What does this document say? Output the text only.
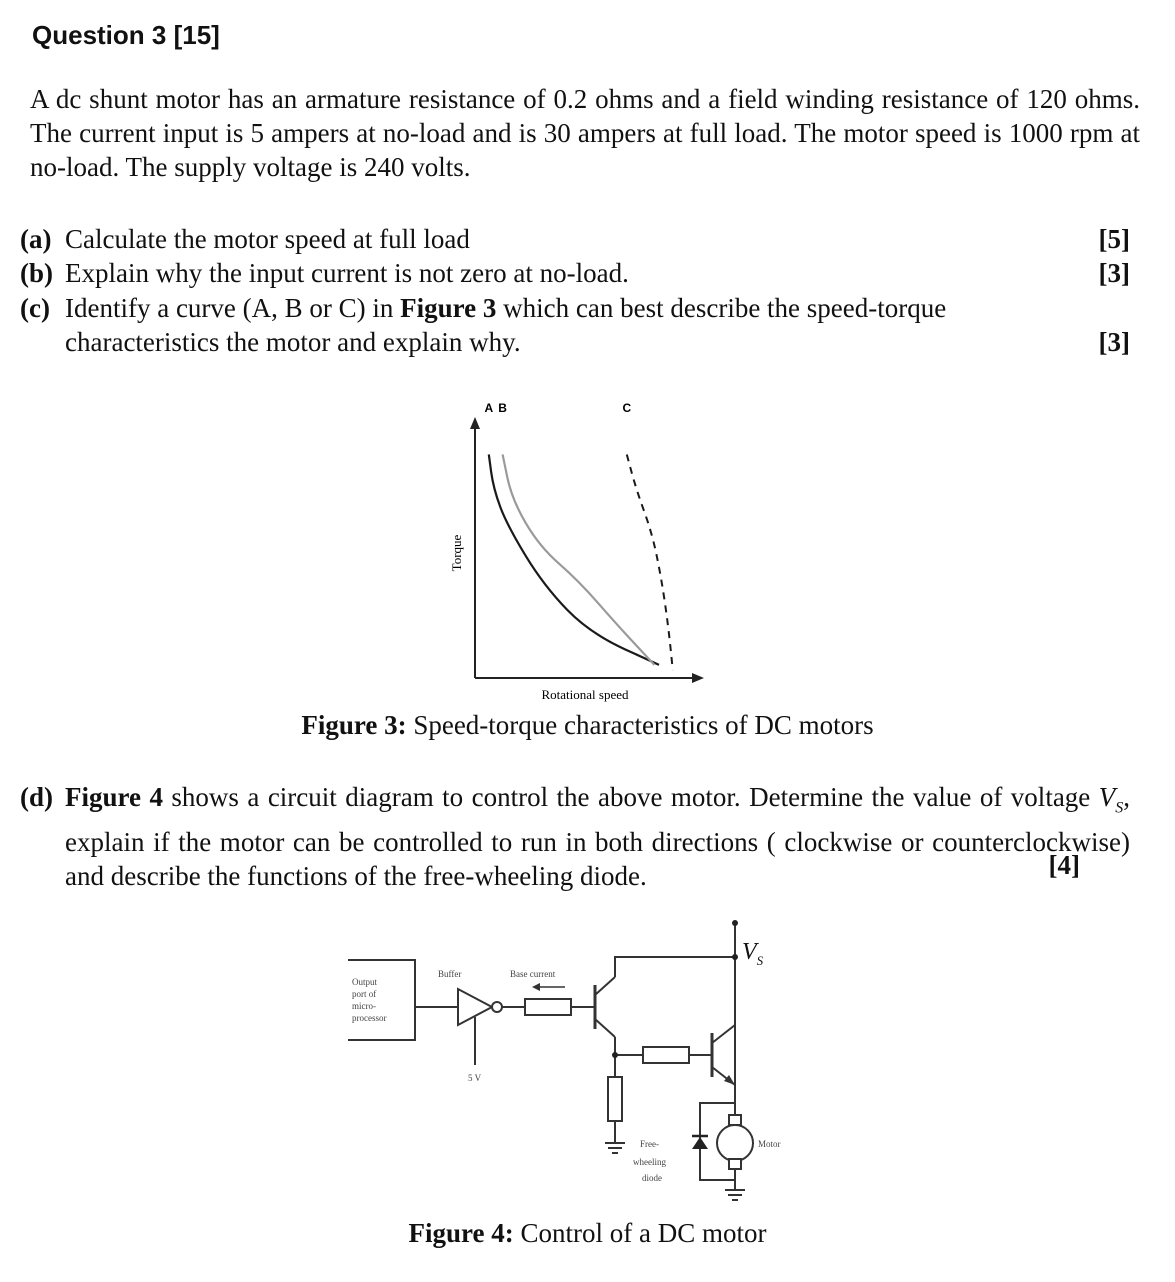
Question 3 [15]
A dc shunt motor has an armature resistance of 0.2 ohms and a field winding resistance of 120 ohms. The current input is 5 ampers at no-load and is 30 ampers at full load. The motor speed is 1000 rpm at no-load. The supply voltage is 240 volts.
(a) Calculate the motor speed at full load	[5]
(b) Explain why the input current is not zero at no-load.	[3]
(c) Identify a curve (A, B or C) in Figure 3 which can best describe the speed-torque characteristics the motor and explain why.	[3]
Torque
Rotational speed
A B	C
Figure 3: Speed-torque characteristics of DC motors
(d) Figure 4 shows a circuit diagram to control the above motor. Determine the value of voltage $V_S$, explain if the motor can be controlled to run in both directions ( clockwise or counterclockwise) and describe the functions of the free-wheeling diode.	[4]
Output
port of
micro-
processor
Buffer	Base current
5 V
Free-
wheeling
diode
Motor
$V_S$
Figure 4: Control of a DC motor
